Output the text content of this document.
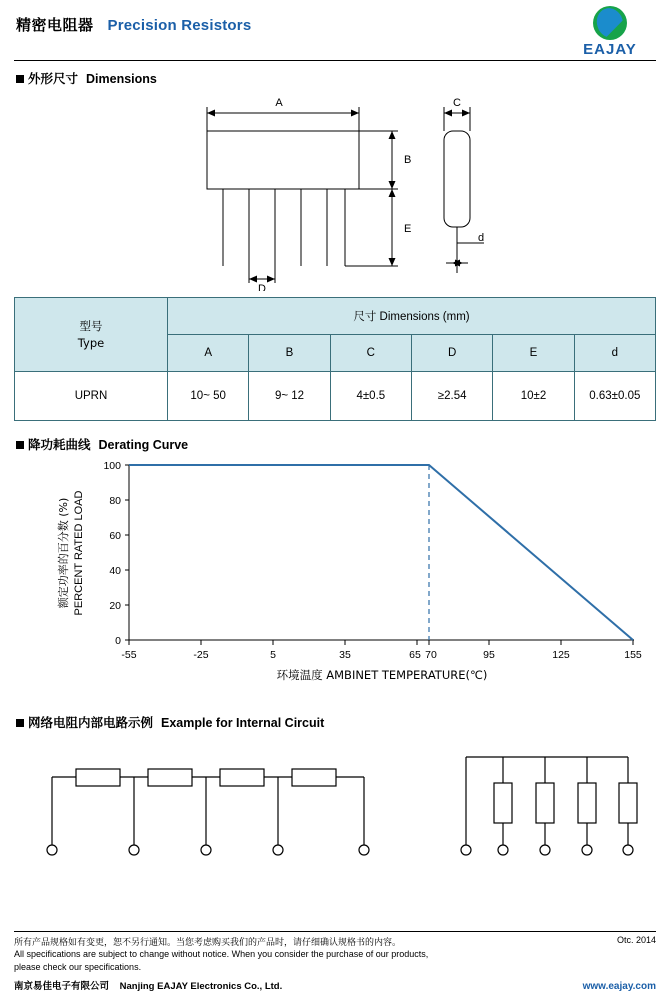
精密电阻器 Precision Resistors
EAJAY
外形尺寸 Dimensions
A
B
E
D
C
d
型号
Type	尺寸 Dimensions (mm)					
	A	B	C	D	E	d
UPRN	10~ 50	9~ 12	4±0.5	≥2.54	10±2	0.63±0.05
降功耗曲线 Derating Curve
0
20
40
60
80
100
-55	-25	5	35	65 70	95	125	155
环境温度 AMBINET TEMPERATURE(℃)
额定功率的百分数 (%) PERCENT RATED LOAD
网络电阻内部电路示例 Example for Internal Circuit
所有产品规格如有变更，恕不另行通知。当您考虑购买我们的产品时，请仔细确认规格书的内容。
All specifications are subject to change without notice. When you consider the purchase of our products,
please check our specifications.
Otc. 2014
南京易佳电子有限公司 Nanjing EAJAY Electronics Co., Ltd.	www.eajay.com
